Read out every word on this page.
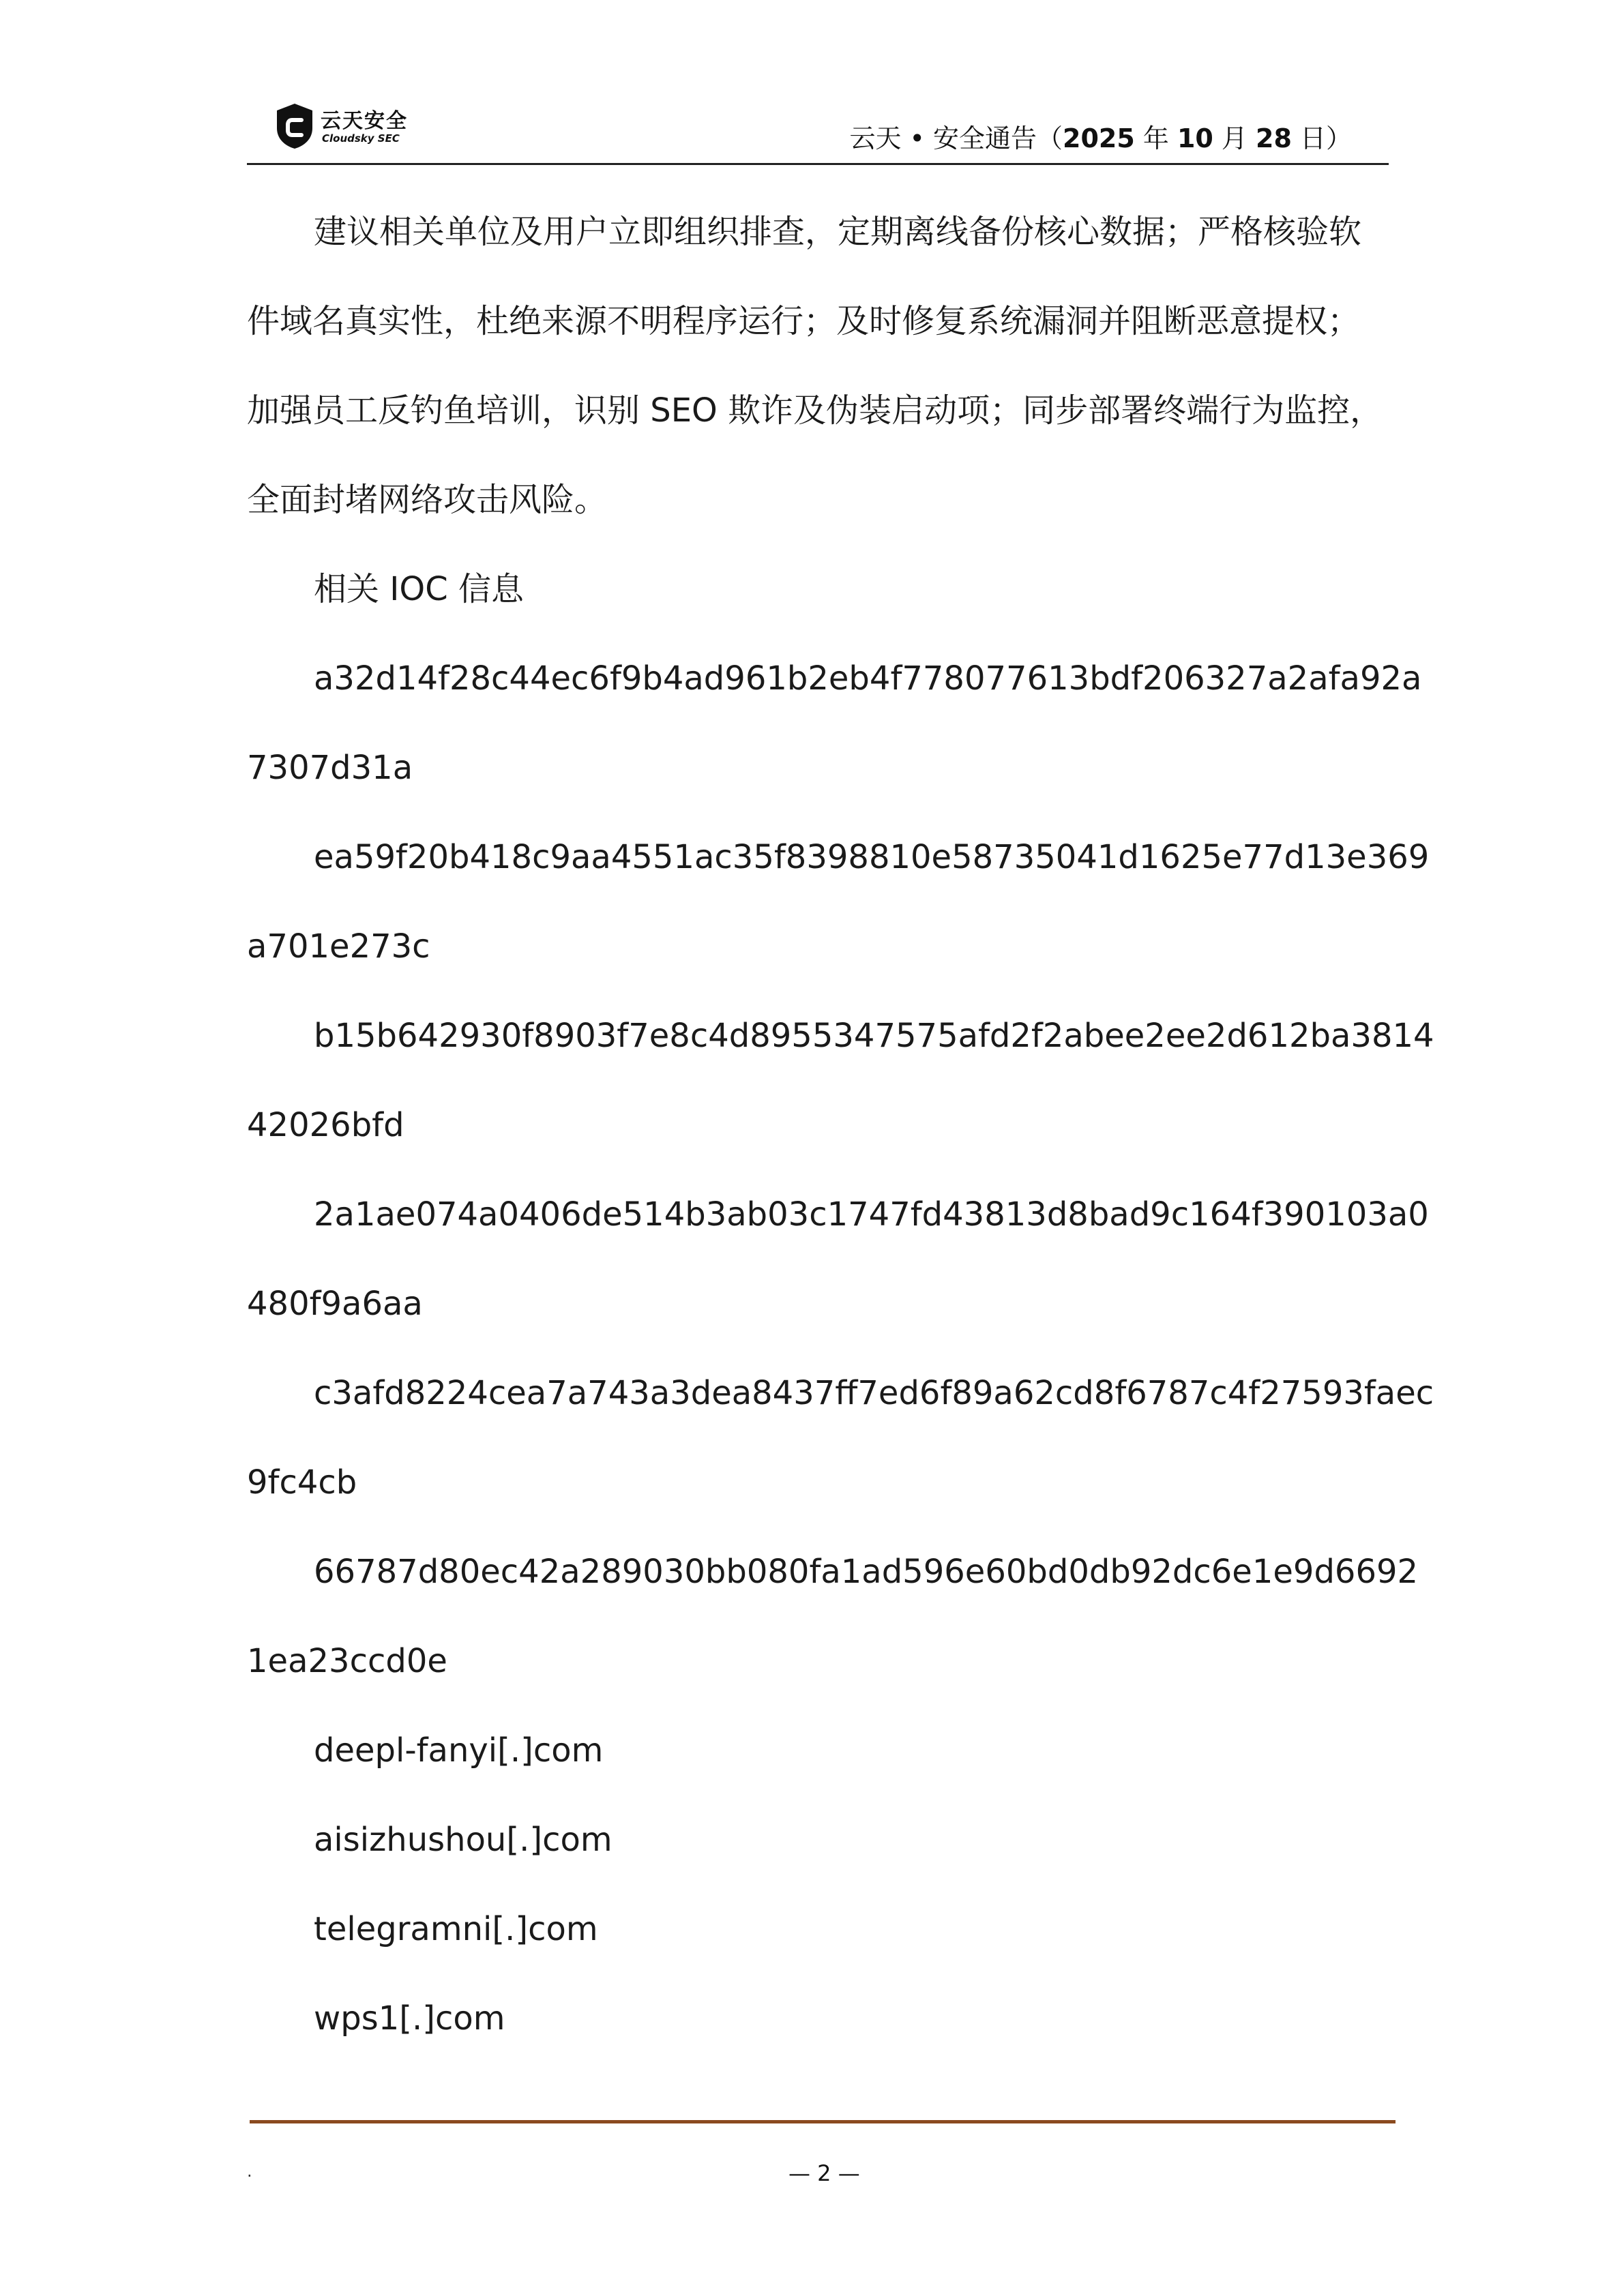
云天安全
Cloudsky SEC	云天 • 安全通告（2025 年 10 月 28 日）
建议相关单位及用户立即组织排查，定期离线备份核心数据；严格核验软
件域名真实性，杜绝来源不明程序运行；及时修复系统漏洞并阻断恶意提权；
加强员工反钓鱼培训，识别 SEO 欺诈及伪装启动项；同步部署终端行为监控，
全面封堵网络攻击风险。
相关 IOC 信息
a32d14f28c44ec6f9b4ad961b2eb4f778077613bdf206327a2afa92a
7307d31a
ea59f20b418c9aa4551ac35f8398810e58735041d1625e77d13e369
a701e273c
b15b642930f8903f7e8c4d8955347575afd2f2abee2ee2d612ba3814
42026bfd
2a1ae074a0406de514b3ab03c1747fd43813d8bad9c164f390103a0
480f9a6aa
c3afd8224cea7a743a3dea8437ff7ed6f89a62cd8f6787c4f27593faec
9fc4cb
66787d80ec42a289030bb080fa1ad596e60bd0db92dc6e1e9d6692
1ea23ccd0e
deepl-fanyi[.]com
aisizhushou[.]com
telegramni[.]com
wps1[.]com
.	— 2 —
